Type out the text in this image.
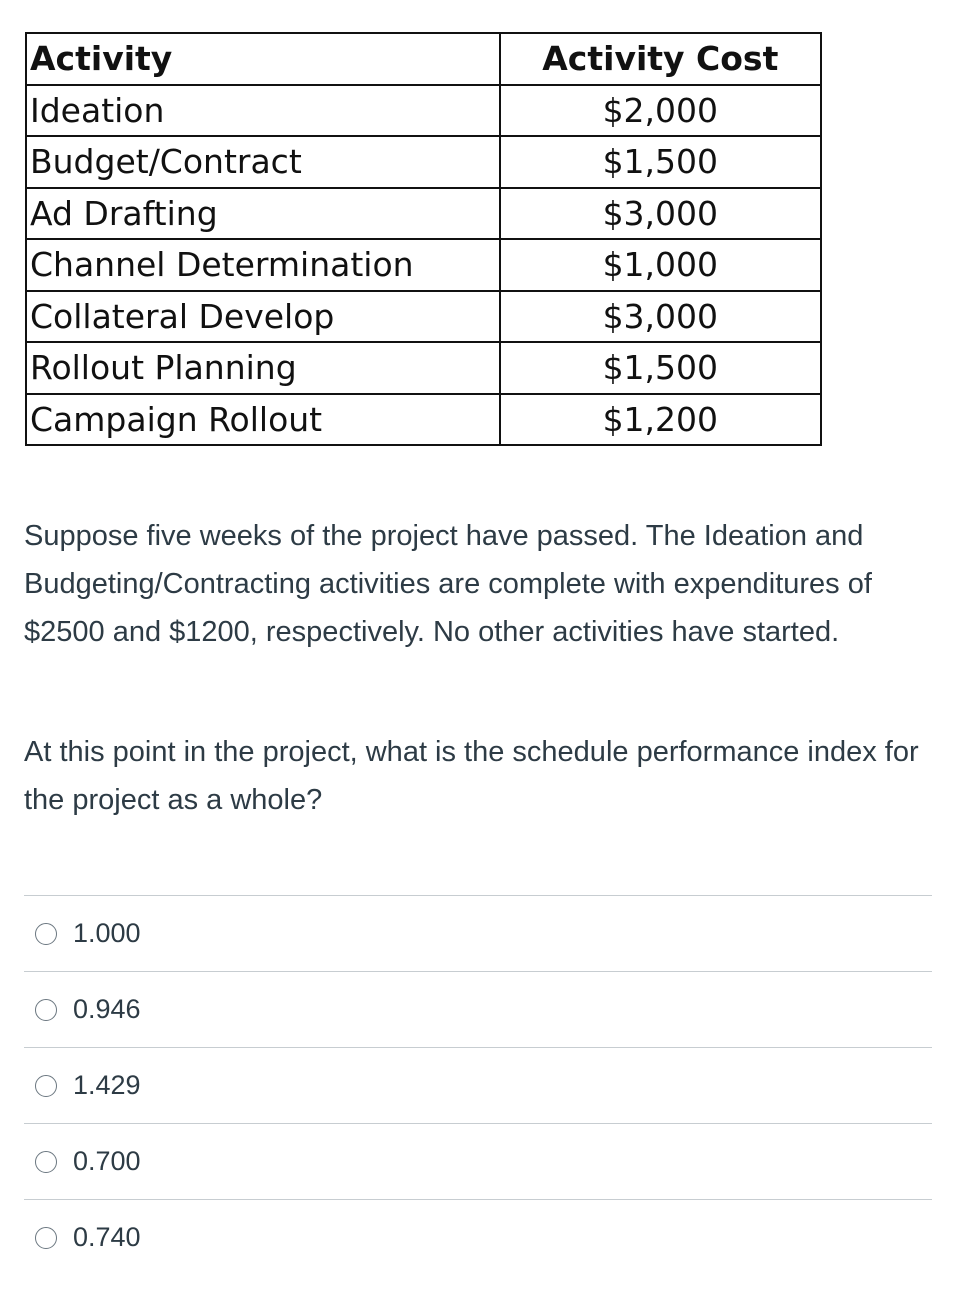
Activity	Activity Cost
Ideation	$2,000
Budget/Contract	$1,500
Ad Drafting	$3,000
Channel Determination	$1,000
Collateral Develop	$3,000
Rollout Planning	$1,500
Campaign Rollout	$1,200

Suppose five weeks of the project have passed. The Ideation and Budgeting/Contracting activities are complete with expenditures of $2500 and $1200, respectively. No other activities have started.

At this point in the project, what is the schedule performance index for the project as a whole?

1.000
0.946
1.429
0.700
0.740
